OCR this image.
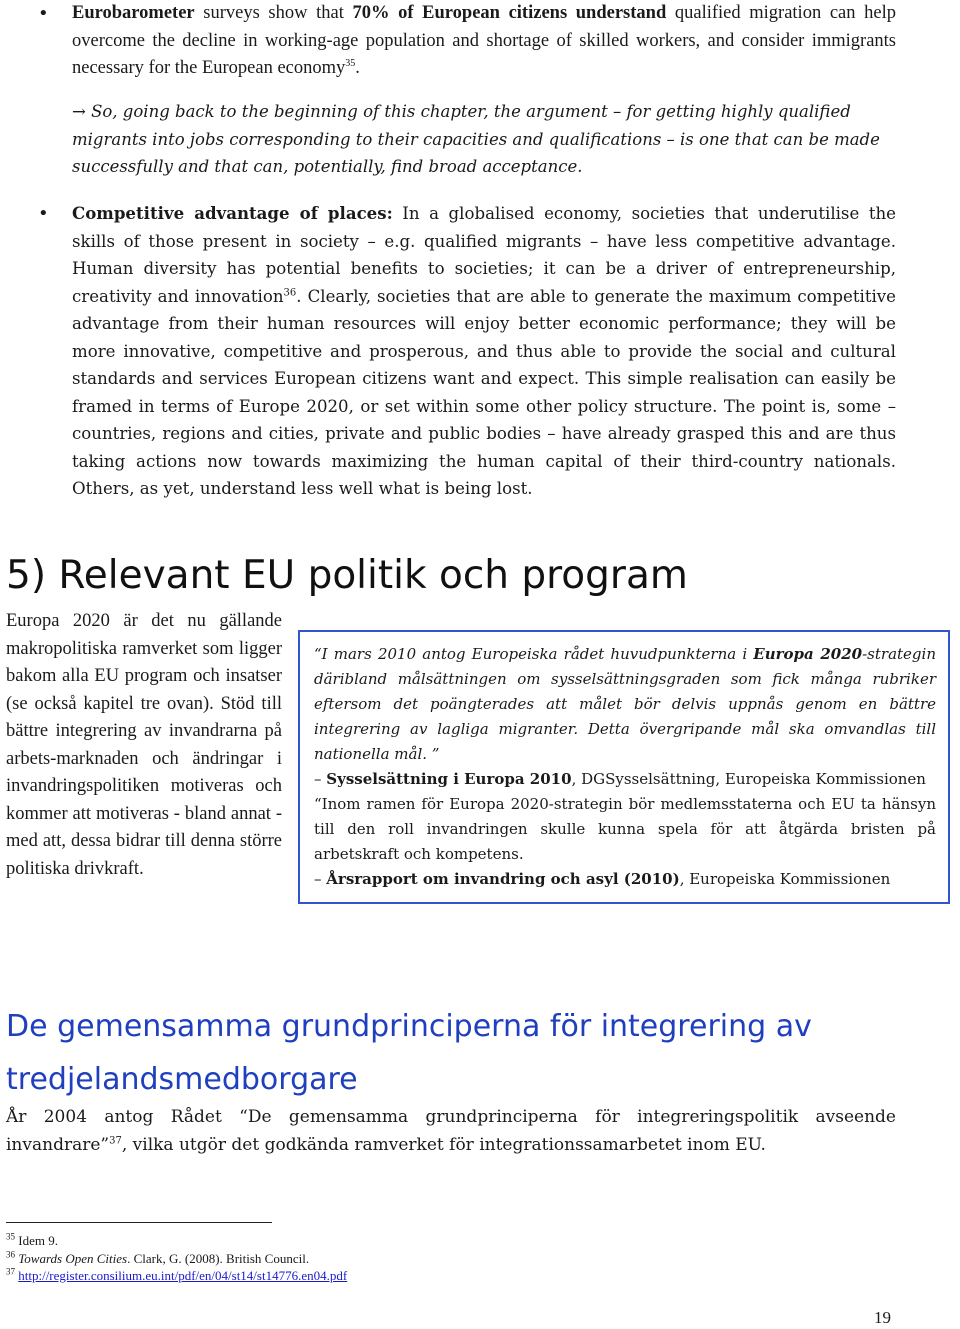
• Eurobarometer surveys show that 70% of European citizens understand qualified migration can help overcome the decline in working-age population and shortage of skilled workers, and consider immigrants necessary for the European economy$^{35}$.
→ So, going back to the beginning of this chapter, the argument – for getting highly qualified migrants into jobs corresponding to their capacities and qualifications – is one that can be made successfully and that can, potentially, find broad acceptance.
• Competitive advantage of places: In a globalised economy, societies that underutilise the skills of those present in society – e.g. qualified migrants – have less competitive advantage. Human diversity has potential benefits to societies; it can be a driver of entrepreneurship, creativity and innovation$^{36}$. Clearly, societies that are able to generate the maximum competitive advantage from their human resources will enjoy better economic performance; they will be more innovative, competitive and prosperous, and thus able to provide the social and cultural standards and services European citizens want and expect. This simple realisation can easily be framed in terms of Europe 2020, or set within some other policy structure. The point is, some – countries, regions and cities, private and public bodies – have already grasped this and are thus taking actions now towards maximizing the human capital of their third-country nationals. Others, as yet, understand less well what is being lost.
5) Relevant EU politik och program
Europa 2020 är det nu gällande makropolitiska ramverket som ligger bakom alla EU program och insatser (se också kapitel tre ovan). Stöd till bättre integrering av invandrarna på arbets-marknaden och ändringar i invandringspolitiken motiveras och kommer att motiveras - bland annat - med att, dessa bidrar till denna större politiska drivkraft.

“I mars 2010 antog Europeiska rådet huvudpunkterna i Europa 2020-strategin däribland målsättningen om sysselsättningsgraden som fick många rubriker eftersom det poängterades att målet bör delvis uppnås genom en bättre integrering av lagliga migranter. Detta övergripande mål ska omvandlas till nationella mål. ”

– Sysselsättning i Europa 2010, DGSysselsättning, Europeiska Kommissionen

“Inom ramen för Europa 2020-strategin bör medlemsstaterna och EU ta hänsyn till den roll invandringen skulle kunna spela för att åtgärda bristen på arbetskraft och kompetens.

– Årsrapport om invandring och asyl (2010), Europeiska Kommissionen

De gemensamma grundprinciperna för integrering av tredjelandsmedborgare
År 2004 antog Rådet “De gemensamma grundprinciperna för integreringspolitik avseende invandrare”$^{37}$, vilka utgör det godkända ramverket för integrationssamarbetet inom EU.
$^{35}$ Idem 9.
$^{36}$ Towards Open Cities. Clark, G. (2008). British Council.
$^{37}$ http://register.consilium.eu.int/pdf/en/04/st14/st14776.en04.pdf
19
